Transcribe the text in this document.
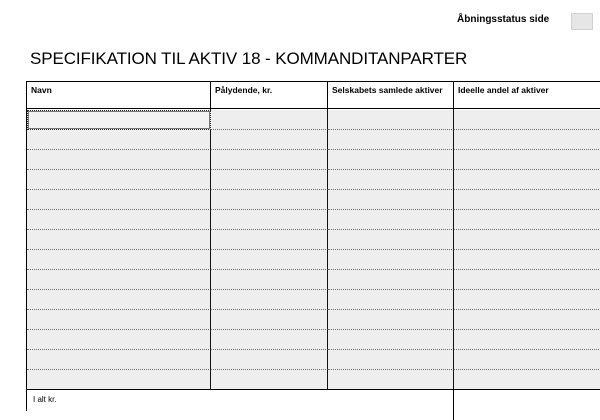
Åbningsstatus side
SPECIFIKATION TIL AKTIV 18 - KOMMANDITANPARTER
Navn	Pålydende, kr.	Selskabets samlede aktiver	Ideelle andel af aktiver
I alt kr.
